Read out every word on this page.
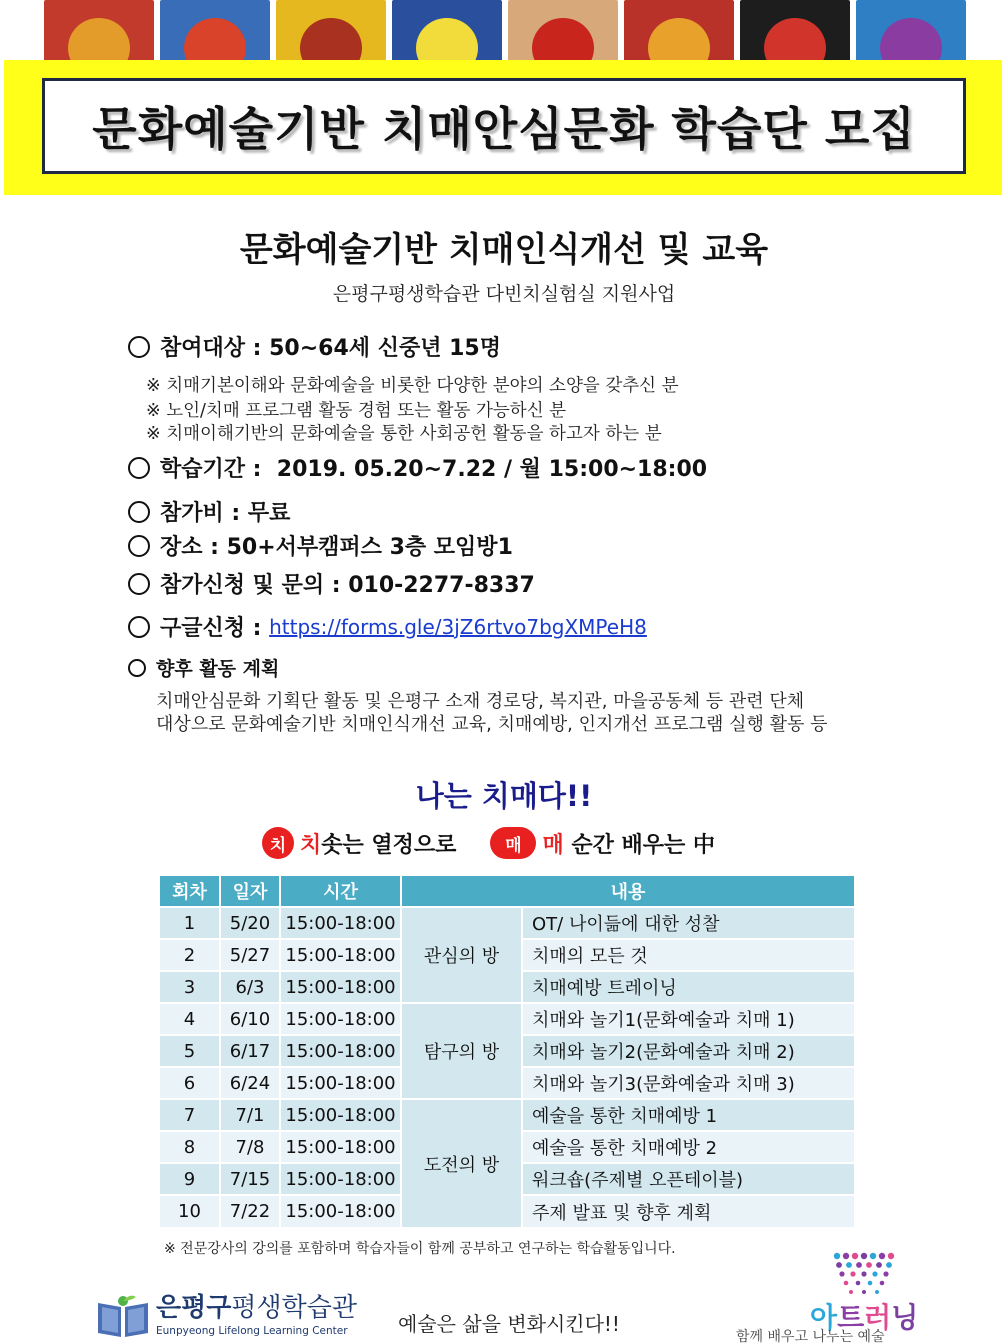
문화예술기반 치매안심문화 학습단 모집
문화예술기반 치매인식개선 및 교육
은평구평생학습관 다빈치실험실 지원사업
참여대상 : 50~64세 신중년 15명
※ 치매기본이해와 문화예술을 비롯한 다양한 분야의 소양을 갖추신 분
※ 노인/치매 프로그램 활동 경험 또는 활동 가능하신 분
※ 치매이해기반의 문화예술을 통한 사회공헌 활동을 하고자 하는 분
학습기간 :  2019. 05.20~7.22 / 월 15:00~18:00
참가비 : 무료
장소 : 50+서부캠퍼스 3층 모임방1
참가신청 및 문의 : 010-2277-8337
구글신청 : https://forms.gle/3jZ6rtvo7bgXMPeH8
향후 활동 계획
치매안심문화 기획단 활동 및 은평구 소재 경로당, 복지관, 마을공동체 등 관련 단체
대상으로 문화예술기반 치매인식개선 교육, 치매예방, 인지개선 프로그램 실행 활동 등
나는 치매다!!
치 치 솟는 열정으로	매 매 순간 배우는 中
회차	일자	시간	내용	
1	5/20	15:00-18:00	관심의 방	OT/ 나이듦에 대한 성찰
2	5/27	15:00-18:00		치매의 모든 것
3	6/3	15:00-18:00		치매예방 트레이닝
4	6/10	15:00-18:00	탐구의 방	치매와 놀기1(문화예술과 치매 1)
5	6/17	15:00-18:00		치매와 놀기2(문화예술과 치매 2)
6	6/24	15:00-18:00		치매와 놀기3(문화예술과 치매 3)
7	7/1	15:00-18:00	도전의 방	예술을 통한 치매예방 1
8	7/8	15:00-18:00		예술을 통한 치매예방 2
9	7/15	15:00-18:00		워크숍(주제별 오픈테이블)
10	7/22	15:00-18:00		주제 발표 및 향후 계획
※ 전문강사의 강의를 포함하며 학습자들이 함께 공부하고 연구하는 학습활동입니다.
은평구평생학습관
Eunpyeong Lifelong Learning Center	예술은 삶을 변화시킨다!!	아트러닝
함께 배우고 나누는 예술
